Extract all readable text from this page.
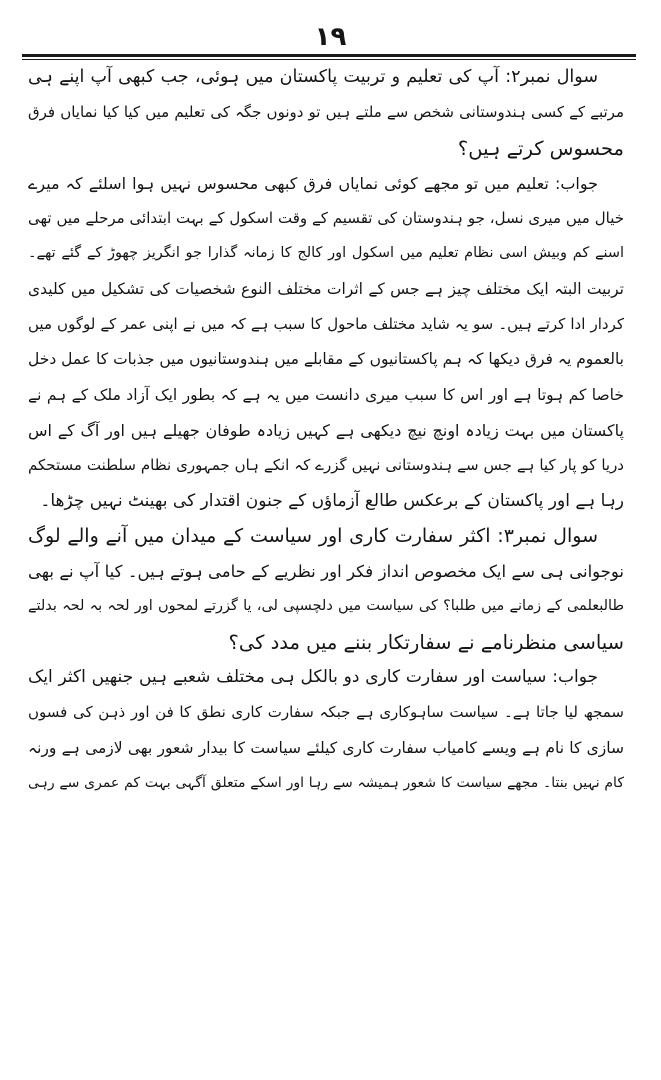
۱۹
سوال نمبر۲: آپ کی تعلیم و تربیت پاکستان میں ہوئی، جب کبھی آپ اپنے ہی
مرتبے کے کسی ہندوستانی شخص سے ملتے ہیں تو دونوں جگہ کی تعلیم میں کیا کیا نمایاں فرق
محسوس کرتے ہیں؟
جواب: تعلیم میں تو مجھے کوئی نمایاں فرق کبھی محسوس نہیں ہوا اسلئے کہ میرے
خیال میں میری نسل، جو ہندوستان کی تقسیم کے وقت اسکول کے بہت ابتدائی مرحلے میں تھی
اسنے کم وبیش اسی نظام تعلیم میں اسکول اور کالج کا زمانہ گذارا جو انگریز چھوڑ کے گئے تھے۔
تربیت البتہ ایک مختلف چیز ہے جس کے اثرات مختلف النوع شخصیات کی تشکیل میں کلیدی
کردار ادا کرتے ہیں۔ سو یہ شاید مختلف ماحول کا سبب ہے کہ میں نے اپنی عمر کے لوگوں میں
بالعموم یہ فرق دیکھا کہ ہم پاکستانیوں کے مقابلے میں ہندوستانیوں میں جذبات کا عمل دخل
خاصا کم ہوتا ہے اور اس کا سبب میری دانست میں یہ ہے کہ بطور ایک آزاد ملک کے ہم نے
پاکستان میں بہت زیادہ اونچ نیچ دیکھی ہے کہیں زیادہ طوفان جھیلے ہیں اور آگ کے اس
دریا کو پار کیا ہے جس سے ہندوستانی نہیں گزرے کہ انکے ہاں جمہوری نظام سلطنت مستحکم
رہا ہے اور پاکستان کے برعکس طالع آزماؤں کے جنون اقتدار کی بھینٹ نہیں چڑھا۔
سوال نمبر۳: اکثر سفارت کاری اور سیاست کے میدان میں آنے والے لوگ
نوجوانی ہی سے ایک مخصوص انداز فکر اور نظریے کے حامی ہوتے ہیں۔ کیا آپ نے بھی
طالبعلمی کے زمانے میں طلبا؟ کی سیاست میں دلچسپی لی، یا گزرتے لمحوں اور لحہ بہ لحہ بدلتے
سیاسی منظرنامے نے سفارتکار بننے میں مدد کی؟
جواب: سیاست اور سفارت کاری دو بالکل ہی مختلف شعبے ہیں جنھیں اکثر ایک
سمجھ لیا جاتا ہے۔ سیاست ساہوکاری ہے جبکہ سفارت کاری نطق کا فن اور ذہن کی فسوں
سازی کا نام ہے ویسے کامیاب سفارت کاری کیلئے سیاست کا بیدار شعور بھی لازمی ہے ورنہ
کام نہیں بنتا۔ مجھے سیاست کا شعور ہمیشہ سے رہا اور اسکے متعلق آگہی بہت کم عمری سے رہی
